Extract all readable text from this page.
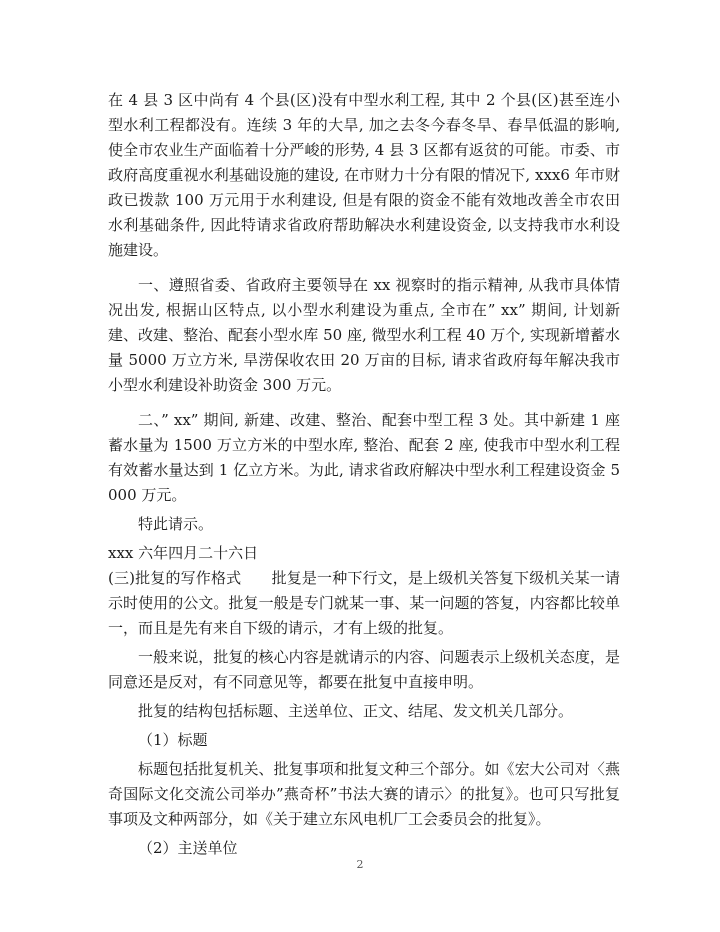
在 4 县 3 区中尚有 4 个县(区)没有中型水利工程, 其中 2 个县(区)甚至连小型水利工程都没有。连续 3 年的大旱, 加之去冬今春冬旱、春旱低温的影响, 使全市农业生产面临着十分严峻的形势, 4 县 3 区都有返贫的可能。市委、市政府高度重视水利基础设施的建设, 在市财力十分有限的情况下, xxx6 年市财政已拨款 100 万元用于水利建设, 但是有限的资金不能有效地改善全市农田水利基础条件, 因此特请求省政府帮助解决水利建设资金, 以支持我市水利设施建设。

一、遵照省委、省政府主要领导在 xx 视察时的指示精神, 从我市具体情况出发, 根据山区特点, 以小型水利建设为重点, 全市在” xx” 期间, 计划新建、改建、整治、配套小型水库 50 座, 微型水利工程 40 万个, 实现新增蓄水量 5000 万立方米, 旱涝保收农田 20 万亩的目标, 请求省政府每年解决我市小型水利建设补助资金 300 万元。

二、” xx” 期间, 新建、改建、整治、配套中型工程 3 处。其中新建 1 座蓄水量为 1500 万立方米的中型水库, 整治、配套 2 座, 使我市中型水利工程有效蓄水量达到 1 亿立方米。为此, 请求省政府解决中型水利工程建设资金 5000 万元。

特此请示。

xxx 六年四月二十六日

(三)批复的写作格式　　批复是一种下行文，是上级机关答复下级机关某一请示时使用的公文。批复一般是专门就某一事、某一问题的答复，内容都比较单一，而且是先有来自下级的请示，才有上级的批复。

一般来说，批复的核心内容是就请示的内容、问题表示上级机关态度，是同意还是反对，有不同意见等，都要在批复中直接申明。

批复的结构包括标题、主送单位、正文、结尾、发文机关几部分。

（1）标题

标题包括批复机关、批复事项和批复文种三个部分。如《宏大公司对〈燕奇国际文化交流公司举办”燕奇杯”书法大赛的请示〉的批复》。也可只写批复事项及文种两部分，如《关于建立东风电机厂工会委员会的批复》。

（2）主送单位

2
